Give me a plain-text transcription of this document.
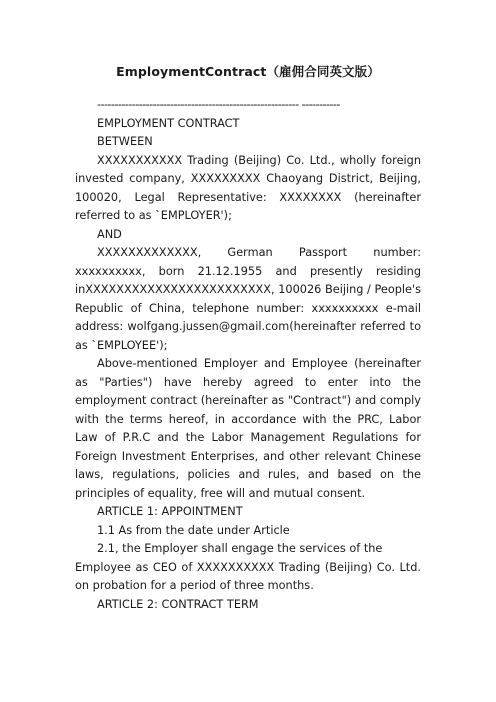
EmploymentContract（雇佣合同英文版）

---------------------------------------------------------- -----------

EMPLOYMENT CONTRACT

BETWEEN

XXXXXXXXXXX Trading (Beijing) Co. Ltd., wholly foreign invested company, XXXXXXXXX Chaoyang District, Beijing, 100020, Legal Representative: XXXXXXXX (hereinafter referred to as `EMPLOYER');

AND

XXXXXXXXXXXXX, German Passport number: xxxxxxxxxx, born 21.12.1955 and presently residing inXXXXXXXXXXXXXXXXXXXXXXXX, 100026 Beijing / People's Republic of China, telephone number: xxxxxxxxxx e-mail address: wolfgang.jussen@gmail.com(hereinafter referred to as `EMPLOYEE');

Above-mentioned Employer and Employee (hereinafter as "Parties") have hereby agreed to enter into the employment contract (hereinafter as "Contract") and comply with the terms hereof, in accordance with the PRC, Labor Law of P.R.C and the Labor Management Regulations for Foreign Investment Enterprises, and other relevant Chinese laws, regulations, policies and rules, and based on the principles of equality, free will and mutual consent.

ARTICLE 1: APPOINTMENT

1.1 As from the date under Article

2.1, the Employer shall engage the services of the

Employee as CEO of XXXXXXXXXX Trading (Beijing) Co. Ltd. on probation for a period of three months.

ARTICLE 2: CONTRACT TERM
